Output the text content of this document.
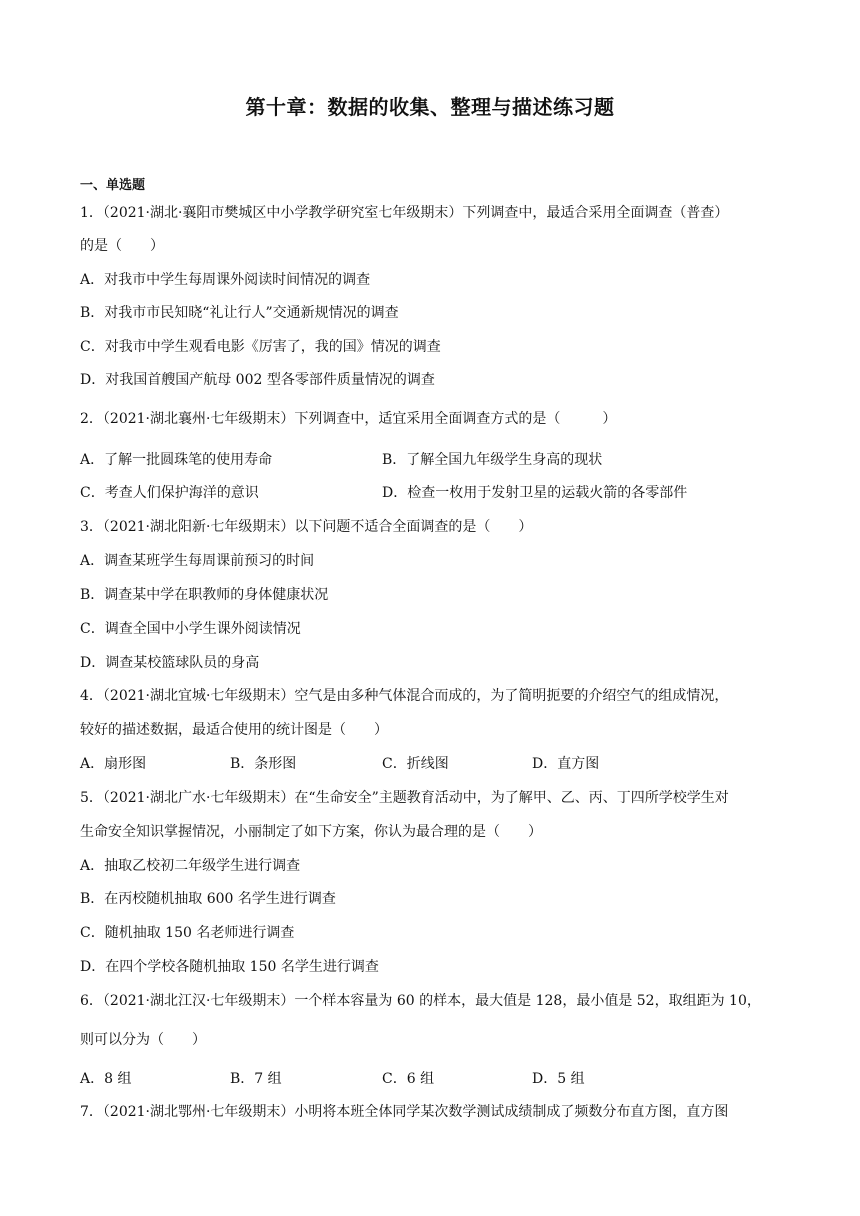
第十章：数据的收集、整理与描述练习题
一、单选题
1．（2021·湖北·襄阳市樊城区中小学教学研究室七年级期末）下列调查中，最适合采用全面调查（普查）
的是（　　）
A．对我市中学生每周课外阅读时间情况的调查
B．对我市市民知晓“礼让行人”交通新规情况的调查
C．对我市中学生观看电影《厉害了，我的国》情况的调查
D．对我国首艘国产航母 002 型各零部件质量情况的调查
2．（2021·湖北襄州·七年级期末）下列调查中，适宜采用全面调查方式的是（　　　）
A．了解一批圆珠笔的使用寿命	B．了解全国九年级学生身高的现状
C．考查人们保护海洋的意识	D．检查一枚用于发射卫星的运载火箭的各零部件
3．（2021·湖北阳新·七年级期末）以下问题不适合全面调查的是（　　）
A．调查某班学生每周课前预习的时间
B．调查某中学在职教师的身体健康状况
C．调查全国中小学生课外阅读情况
D．调查某校篮球队员的身高
4．（2021·湖北宜城·七年级期末）空气是由多种气体混合而成的，为了简明扼要的介绍空气的组成情况，
较好的描述数据，最适合使用的统计图是（　　）
A．扇形图	B．条形图	C．折线图	D．直方图
5．（2021·湖北广水·七年级期末）在“生命安全”主题教育活动中，为了解甲、乙、丙、丁四所学校学生对
生命安全知识掌握情况，小丽制定了如下方案，你认为最合理的是（　　）
A．抽取乙校初二年级学生进行调查
B．在丙校随机抽取 600 名学生进行调查
C．随机抽取 150 名老师进行调查
D．在四个学校各随机抽取 150 名学生进行调查
6．（2021·湖北江汉·七年级期末）一个样本容量为 60 的样本，最大值是 128，最小值是 52，取组距为 10，
则可以分为（　　）
A．8 组	B．7 组	C．6 组	D．5 组
7．（2021·湖北鄂州·七年级期末）小明将本班全体同学某次数学测试成绩制成了频数分布直方图，直方图
